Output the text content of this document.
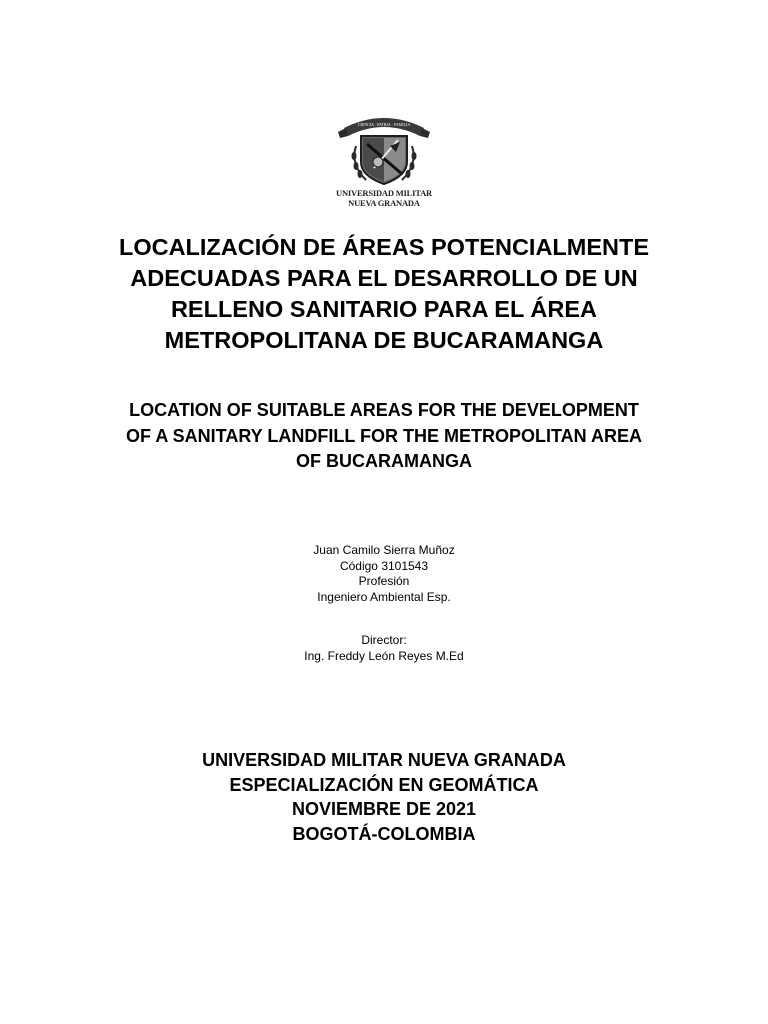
CIENCIA · PATRIA · FAMILIA
UNIVERSIDAD MILITAR
NUEVA GRANADA
LOCALIZACIÓN DE ÁREAS POTENCIALMENTE
ADECUADAS PARA EL DESARROLLO DE UN
RELLENO SANITARIO PARA EL ÁREA
METROPOLITANA DE BUCARAMANGA
LOCATION OF SUITABLE AREAS FOR THE DEVELOPMENT
OF A SANITARY LANDFILL FOR THE METROPOLITAN AREA
OF BUCARAMANGA
Juan Camilo Sierra Muñoz
Código 3101543
Profesión
Ingeniero Ambiental Esp.
Director:
Ing. Freddy León Reyes M.Ed
UNIVERSIDAD MILITAR NUEVA GRANADA
ESPECIALIZACIÓN EN GEOMÁTICA
NOVIEMBRE DE 2021
BOGOTÁ-COLOMBIA
